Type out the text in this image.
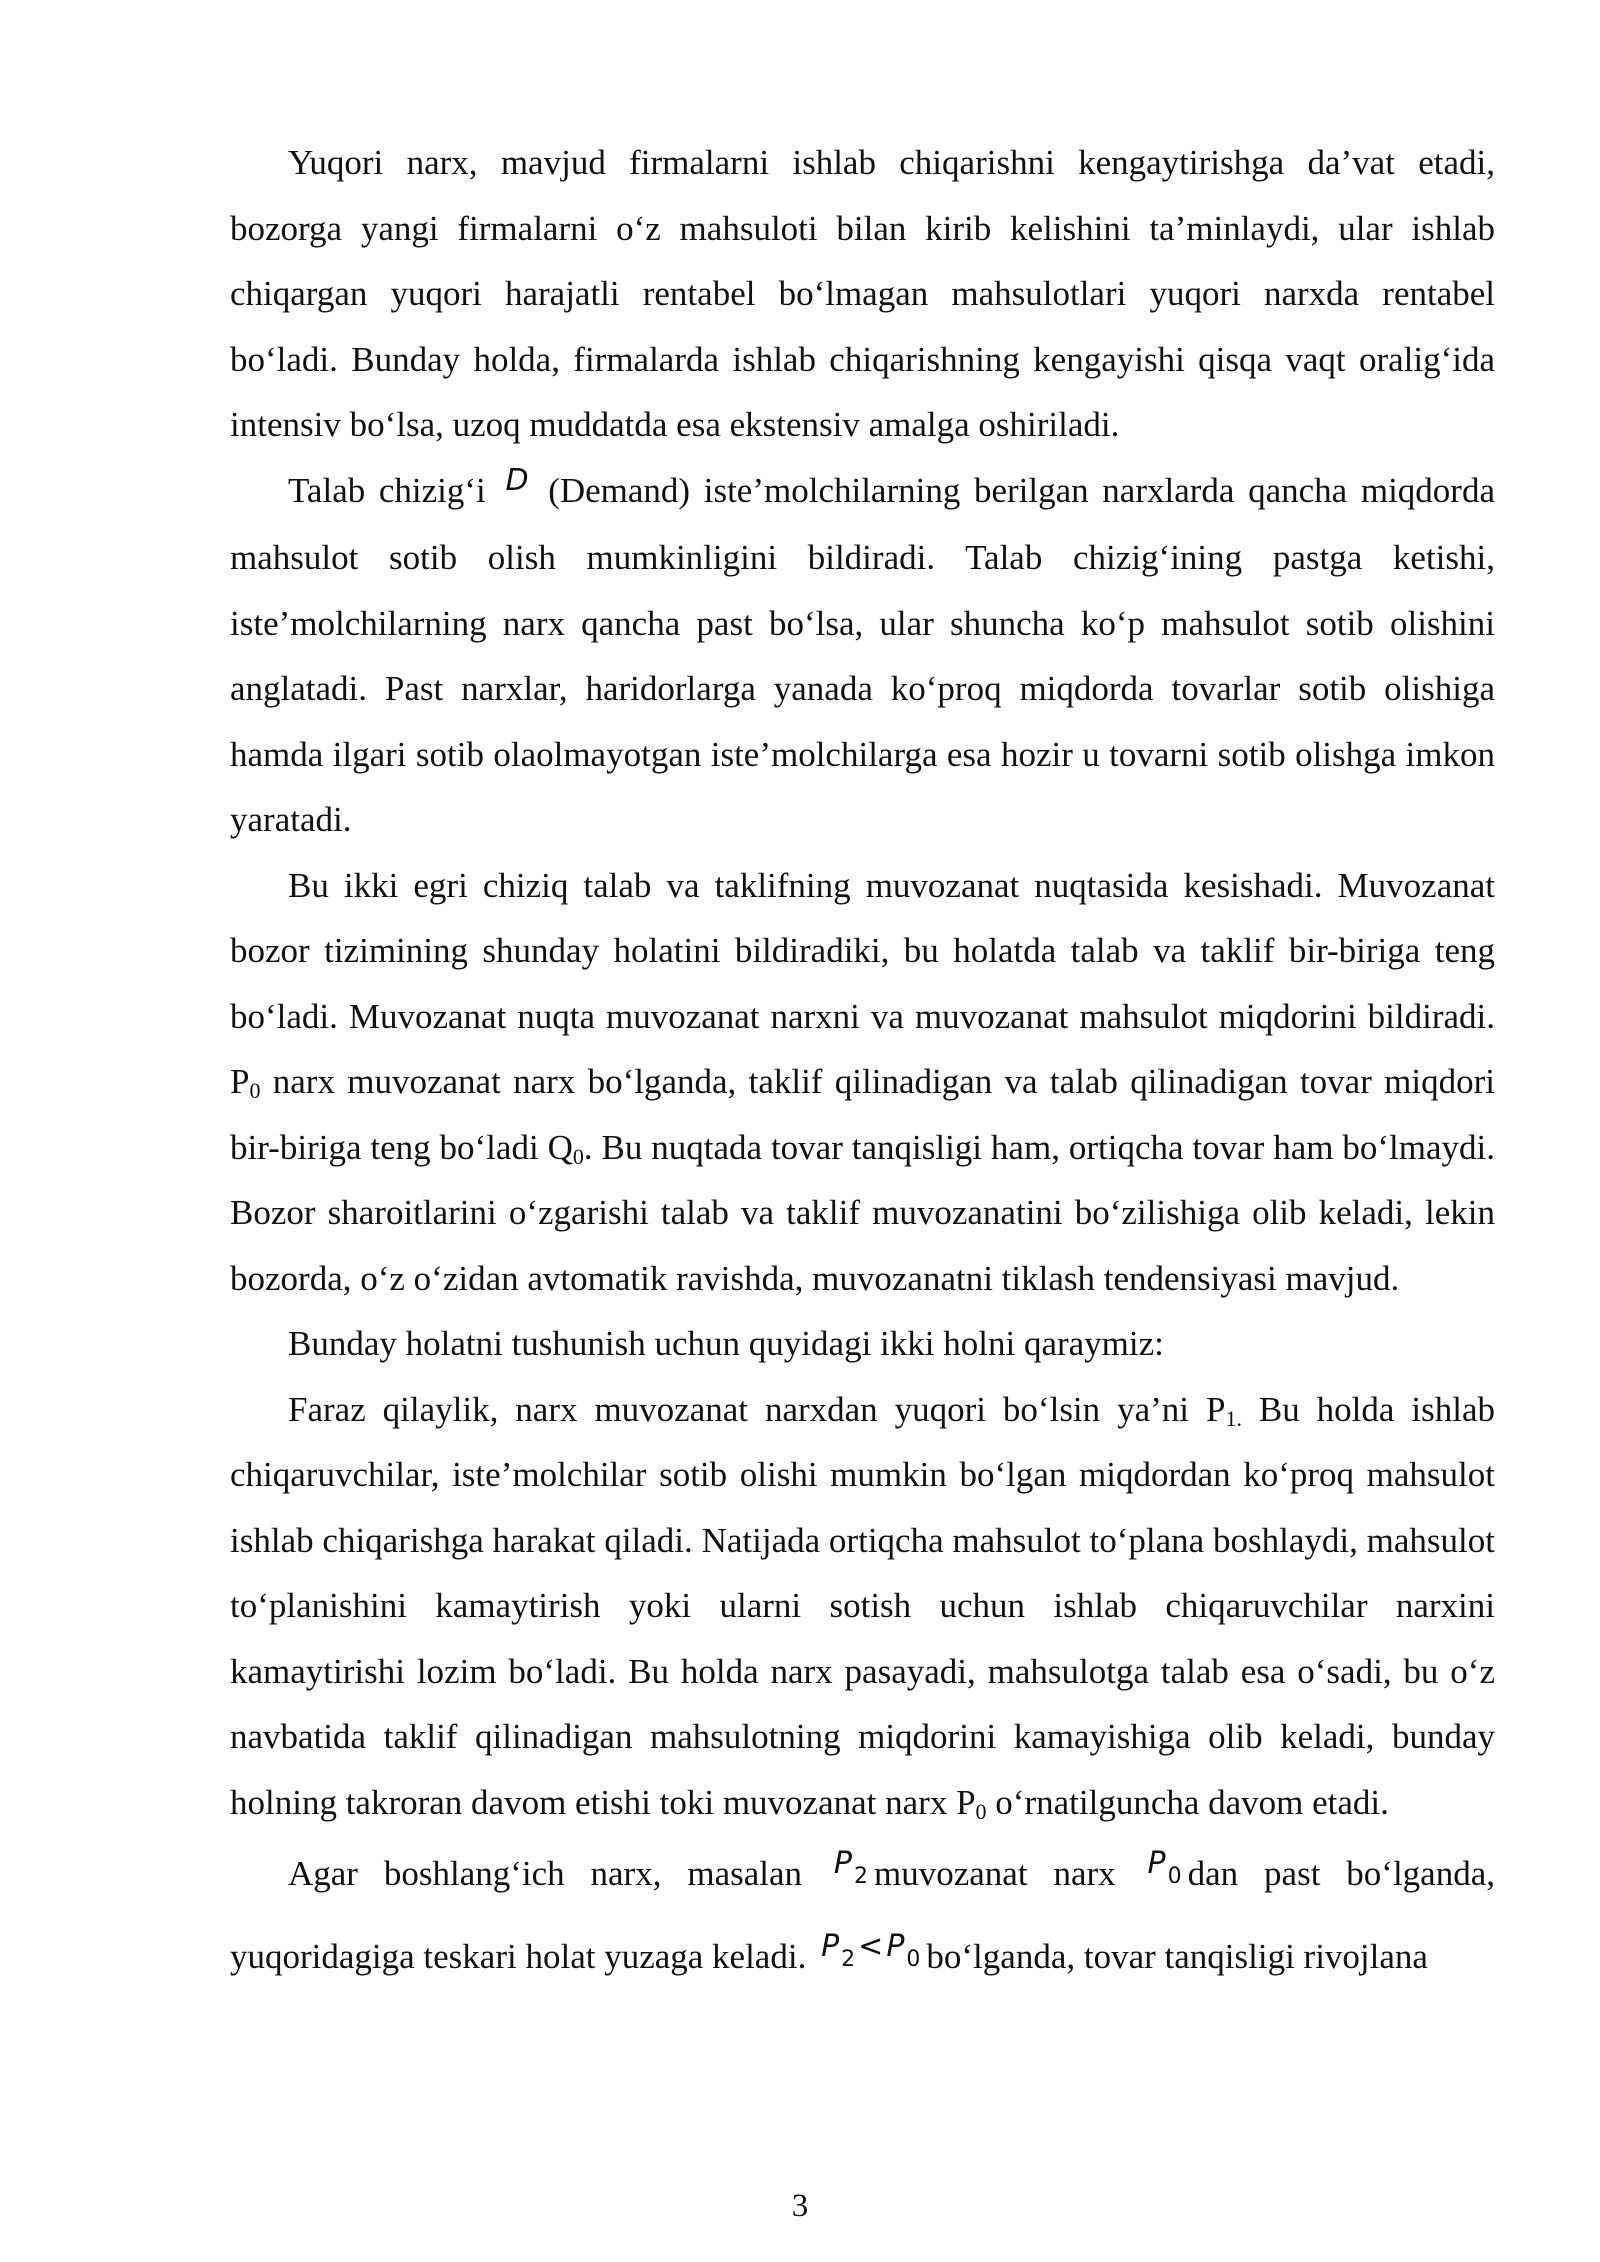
Yuqori narx, mavjud firmalarni ishlab chiqarishni kengaytirishga da’vat etadi, bozorga yangi firmalarni o‘z mahsuloti bilan kirib kelishini ta’minlaydi, ular ishlab chiqargan yuqori harajatli rentabel bo‘lmagan mahsulotlari yuqori narxda rentabel bo‘ladi. Bunday holda, firmalarda ishlab chiqarishning kengayishi qisqa vaqt oralig‘ida intensiv bo‘lsa, uzoq muddatda esa ekstensiv amalga oshiriladi.

Talab chizig‘i D (Demand) iste’molchilarning berilgan narxlarda qancha miqdorda mahsulot sotib olish mumkinligini bildiradi. Talab chizig‘ining pastga ketishi, iste’molchilarning narx qancha past bo‘lsa, ular shuncha ko‘p mahsulot sotib olishini anglatadi. Past narxlar, haridorlarga yanada ko‘proq miqdorda tovarlar sotib olishiga hamda ilgari sotib olaolmayotgan iste’molchilarga esa hozir u tovarni sotib olishga imkon yaratadi.

Bu ikki egri chiziq talab va taklifning muvozanat nuqtasida kesishadi. Muvozanat bozor tizimining shunday holatini bildiradiki, bu holatda talab va taklif bir-biriga teng bo‘ladi. Muvozanat nuqta muvozanat narxni va muvozanat mahsulot miqdorini bildiradi. $P_0$ narx muvozanat narx bo‘lganda, taklif qilinadigan va talab qilinadigan tovar miqdori bir-biriga teng bo‘ladi $Q_0$. Bu nuqtada tovar tanqisligi ham, ortiqcha tovar ham bo‘lmaydi. Bozor sharoitlarini o‘zgarishi talab va taklif muvozanatini bo‘zilishiga olib keladi, lekin bozorda, o‘z o‘zidan avtomatik ravishda, muvozanatni tiklash tendensiyasi mavjud.

Bunday holatni tushunish uchun quyidagi ikki holni qaraymiz:

Faraz qilaylik, narx muvozanat narxdan yuqori bo‘lsin ya’ni $P_{1.}$ Bu holda ishlab chiqaruvchilar, iste’molchilar sotib olishi mumkin bo‘lgan miqdordan ko‘proq mahsulot ishlab chiqarishga harakat qiladi. Natijada ortiqcha mahsulot to‘plana boshlaydi, mahsulot to‘planishini kamaytirish yoki ularni sotish uchun ishlab chiqaruvchilar narxini kamaytirishi lozim bo‘ladi. Bu holda narx pasayadi, mahsulotga talab esa o‘sadi, bu o‘z navbatida taklif qilinadigan mahsulotning miqdorini kamayishiga olib keladi, bunday holning takroran davom etishi toki muvozanat narx $P_0$ o‘rnatilguncha davom etadi.

Agar boshlang‘ich narx, masalan $P_2$ muvozanat narx $P_0$ dan past bo‘lganda, yuqoridagiga teskari holat yuzaga keladi. $P_2 < P_0$ bo‘lganda, tovar tanqisligi rivojlana

3
